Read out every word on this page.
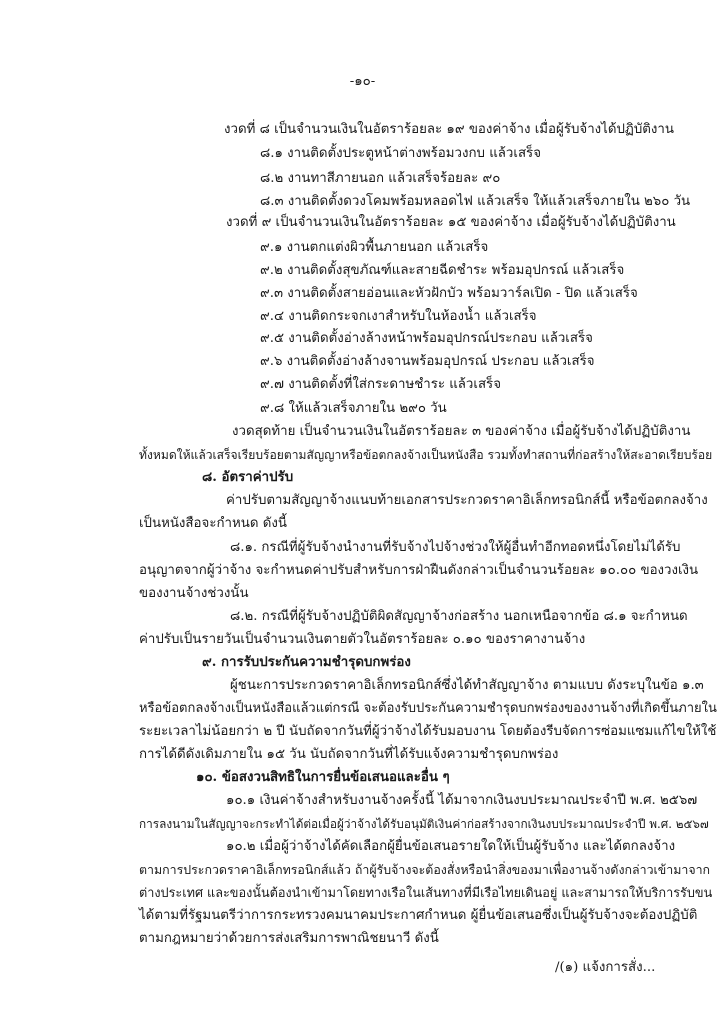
-๑๐-
งวดที่ ๘ เป็นจำนวนเงินในอัตราร้อยละ ๑๙ ของค่าจ้าง เมื่อผู้รับจ้างได้ปฏิบัติงาน
๘.๑ งานติดตั้งประตูหน้าต่างพร้อมวงกบ แล้วเสร็จ
๘.๒ งานทาสีภายนอก แล้วเสร็จร้อยละ ๙๐
๘.๓ งานติดตั้งดวงโคมพร้อมหลอดไฟ แล้วเสร็จ ให้แล้วเสร็จภายใน ๒๖๐ วัน
งวดที่ ๙ เป็นจำนวนเงินในอัตราร้อยละ ๑๕ ของค่าจ้าง เมื่อผู้รับจ้างได้ปฏิบัติงาน
๙.๑ งานตกแต่งผิวพื้นภายนอก แล้วเสร็จ
๙.๒ งานติดตั้งสุขภัณฑ์และสายฉีดชำระ พร้อมอุปกรณ์ แล้วเสร็จ
๙.๓ งานติดตั้งสายอ่อนและหัวฝักบัว พร้อมวาร์ลเปิด - ปิด แล้วเสร็จ
๙.๔ งานติดกระจกเงาสำหรับในห้องน้ำ แล้วเสร็จ
๙.๕ งานติดตั้งอ่างล้างหน้าพร้อมอุปกรณ์ประกอบ แล้วเสร็จ
๙.๖ งานติดตั้งอ่างล้างจานพร้อมอุปกรณ์ ประกอบ แล้วเสร็จ
๙.๗ งานติดตั้งที่ใส่กระดาษชำระ แล้วเสร็จ
๙.๘ ให้แล้วเสร็จภายใน ๒๙๐ วัน
งวดสุดท้าย เป็นจำนวนเงินในอัตราร้อยละ ๓ ของค่าจ้าง เมื่อผู้รับจ้างได้ปฏิบัติงาน
ทั้งหมดให้แล้วเสร็จเรียบร้อยตามสัญญาหรือข้อตกลงจ้างเป็นหนังสือ รวมทั้งทำสถานที่ก่อสร้างให้สะอาดเรียบร้อย
๘. อัตราค่าปรับ
ค่าปรับตามสัญญาจ้างแนบท้ายเอกสารประกวดราคาอิเล็กทรอนิกส์นี้ หรือข้อตกลงจ้าง
เป็นหนังสือจะกำหนด ดังนี้
๘.๑. กรณีที่ผู้รับจ้างนำงานที่รับจ้างไปจ้างช่วงให้ผู้อื่นทำอีกทอดหนึ่งโดยไม่ได้รับ
อนุญาตจากผู้ว่าจ้าง จะกำหนดค่าปรับสำหรับการฝ่าฝืนดังกล่าวเป็นจำนวนร้อยละ ๑๐.๐๐ ของวงเงิน
ของงานจ้างช่วงนั้น
๘.๒. กรณีที่ผู้รับจ้างปฏิบัติผิดสัญญาจ้างก่อสร้าง นอกเหนือจากข้อ ๘.๑ จะกำหนด
ค่าปรับเป็นรายวันเป็นจำนวนเงินตายตัวในอัตราร้อยละ ๐.๑๐ ของราคางานจ้าง
๙. การรับประกันความชำรุดบกพร่อง
ผู้ชนะการประกวดราคาอิเล็กทรอนิกส์ซึ่งได้ทำสัญญาจ้าง ตามแบบ ดังระบุในข้อ ๑.๓
หรือข้อตกลงจ้างเป็นหนังสือแล้วแต่กรณี จะต้องรับประกันความชำรุดบกพร่องของงานจ้างที่เกิดขึ้นภายใน
ระยะเวลาไม่น้อยกว่า ๒ ปี นับถัดจากวันที่ผู้ว่าจ้างได้รับมอบงาน โดยต้องรีบจัดการซ่อมแซมแก้ไขให้ใช้
การได้ดีดังเดิมภายใน ๑๕ วัน นับถัดจากวันที่ได้รับแจ้งความชำรุดบกพร่อง
๑๐. ข้อสงวนสิทธิในการยื่นข้อเสนอและอื่น ๆ
๑๐.๑ เงินค่าจ้างสำหรับงานจ้างครั้งนี้ ได้มาจากเงินงบประมาณประจำปี พ.ศ. ๒๕๖๗
การลงนามในสัญญาจะกระทำได้ต่อเมื่อผู้ว่าจ้างได้รับอนุมัติเงินค่าก่อสร้างจากเงินงบประมาณประจำปี พ.ศ. ๒๕๖๗
๑๐.๒ เมื่อผู้ว่าจ้างได้คัดเลือกผู้ยื่นข้อเสนอรายใดให้เป็นผู้รับจ้าง และได้ตกลงจ้าง
ตามการประกวดราคาอิเล็กทรอนิกส์แล้ว ถ้าผู้รับจ้างจะต้องสั่งหรือนำสิ่งของมาเพื่องานจ้างดังกล่าวเข้ามาจาก
ต่างประเทศ และของนั้นต้องนำเข้ามาโดยทางเรือในเส้นทางที่มีเรือไทยเดินอยู่ และสามารถให้บริการรับขน
ได้ตามที่รัฐมนตรีว่าการกระทรวงคมนาคมประกาศกำหนด ผู้ยื่นข้อเสนอซึ่งเป็นผู้รับจ้างจะต้องปฏิบัติ
ตามกฎหมายว่าด้วยการส่งเสริมการพาณิชยนาวี ดังนี้
/(๑) แจ้งการสั่ง...
